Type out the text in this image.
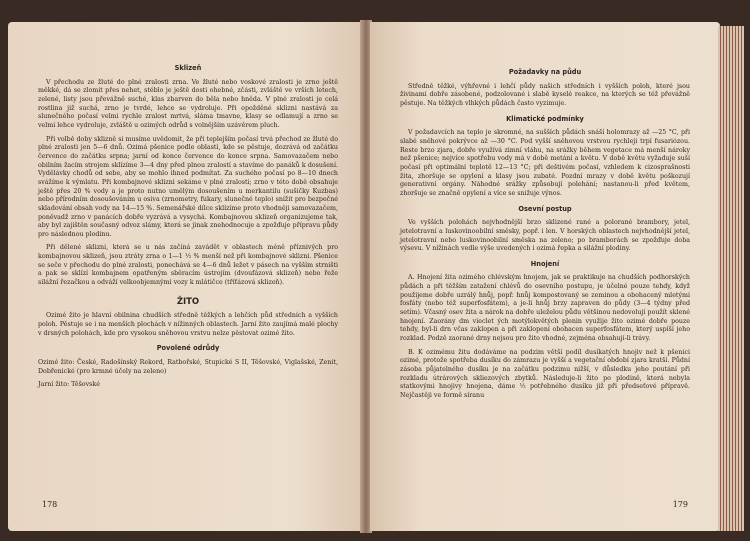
Sklizeň

V přechodu ze žluté do plné zralosti zrna. Ve žluté nebo voskové zralosti je zrno ještě měkké, dá se zlomit přes nehet, stéblo je ještě dosti ohebné, zčásti, zvláště ve vrších letech, zelené, listy jsou převážně suché, klas zbarven do běla nebo hněda. V plné zralosti je celá rostlina již suchá, zrno je tvrdé, lehce se vydroluje. Při opožděné sklizni nastává za slunečného počasí velmi rychle zralost mrtvá, sláma tmavne, klasy se odlamují a zrno se velmi lehce vydroluje, zvláště u ozimých odrůd s volnějším uzávěrem pluch.

Při volbě doby sklizně si musíme uvědomit, že při teplejším počasí trvá přechod ze žluté do plné zralosti jen 5—6 dnů. Ozimá pšenice podle oblastí, kde se pěstuje, dozrává od začátku července do začátku srpna; jarní od konce července do konce srpna. Samovazačem nebo obilním žacím strojem sklízíme 3—4 dny před plnou zralostí a stavíme do panáků k dosušení. Vydělávky chodů od sebe, aby se mohlo ihned podmítat. Za suchého počasí po 8—10 dnech svážíme k výmlatu. Při kombajnové sklizni sekáme v plné zralosti; zrno v této době obsahuje ještě přes 20 % vody a je proto nutno umělým dosoušením u merkantilu (sušičky Kuzbas) nebo přírodním dosoušováním u osiva (zrnometry, fukary, slunečné teplo) snížit pro bezpečné skladování obsah vody na 14—15 %. Semenářské dílce sklízíme proto vhodněji samovazačem, poněvadž zrno v panácích dobře vyzrává a vysychá. Kombajnovou sklizeň organizujeme tak, aby byl zajištěn současný odvoz slámy, která se jinak znehodnocuje a zpožďuje přípravu půdy pro následnou plodinu.

Při dělené sklizni, která se u nás začíná zavádět v oblastech méně příznivých pro kombajnovou sklizeň, jsou ztráty zrna o 1—1 ½ % menší než při kombajnové sklizni. Pšenice se seče v přechodu do plné zralosti, ponechává se 4—6 dnů ležet v pásech na vyšším strništi a pak se sklízí kombajnem opatřeným sběracím ústrojím (dvoufázová sklizeň) nebo řeže silážní řezačkou a odváží velkoobjemnými vozy k mlátičce (tříťázová sklizeň).

ŽITO

Ozimé žito je hlavní obilnina chudších středně těžkých a lehčích půd středních a vyšších poloh. Pěstuje se i na menších plochách v nížinných oblastech. Jarní žito zaujímá malé plochy v drsných polohách, kde pro vysokou sněhovou vrstvu nelze pěstovat ozimé žito.

Povolené odrůdy

Ozimé žito: České, Radošínský Rekord, Ratbořské, Stupické S II, Těšovské, Viglašské, Zenit, Dobřenické (pro krmné účely na zeleno)

Jarní žito: Těšovské

178
Požadavky na půdu

Středně těžké, výhřevné i lehčí půdy našich středních i vyšších poloh, které jsou živinami dobře zásobené, podzolované i slabě kyselé reakce, na kterých se též převážně pěstuje. Na těžkých vlhkých půdách často vyzimuje.

Klimatické podmínky

V požadavcích na teplo je skromné, na sušších půdách snáší holomrazy až —25 °C, při slabé sněhové pokrývce až —30 °C. Pod vyšší sněhovou vrstvou rychleji trpí fusariózou. Reste brzo zjara, dobře využívá zimní vláhu, na srážky během vegetace má menší nároky než pšenice; nejvíce spotřebu vody má v době metání a květu. V době květu vyžaduje suší počasí při optimální teplotě 12—13 °C; při deštivém počasí, vzhledem k cizosprašnosti žita, zhoršuje se opylení a klasy jsou zubaté. Pozdní mrazy v době květu poškozují generativní orgány. Náhodné srážky způsobují polehání; nastanou-li před květem, zhoršuje se značně opylení a více se snižuje výnos.

Osevní postup

Ve vyšších polohách nejvhodnější brzo sklizené rané a polorané brambory, jetel, jetelotravní a luskovinoobilní směsky, popř. i len. V horských oblastech nejvhodnější jetel, jetelotravní nebo luskovinoobilní směska na zeleno; po bramborách se zpožďuje doba výsevu. V nížinách vedle výše uvedených i ozimá řepka a silážní plodiny.

Hnojení

A. Hnojení žita ozimého chlévským hnojem, jak se praktikuje na chudších podhorských půdách a při těžším zatažení chlévů do osevního postupu, je účelné pouze tehdy, když použijeme dobře uzrálý hnůj, popř. hnůj kompostovaný se zeminou a obohacený mletými fosfáty (nebo též superfosfátem), a je-li hnůj brzy zapraven do půdy (3—4 týdny před setím). Včasný osev žita a nárok na dobře uleželou půdu většinou nedovolují použít sklené hnojení. Zaorány dm vieclet ých motýlokvětých plenin využije žito ozimé dobře pouze tehdy, byl-li drn včas zaklopen a při zaklopení obohacen superfosfátem, který uspíší jeho rozklad. Podzě zaorané drny nejsou pro žito vhodné, zejména obsahují-li trávy.

B. K ozimému žitu dodáváme na podzim větší podíl dusíkatých hnojiv než k pšenici ozimé, protože spotřeba dusíku do zámrazu je vyšší a vegetační období zjara kratší. Půdní zásoba půjatelného dusíku je na začátku podzimu nižší, v důsledku jeho poutání při rozkladu útrárových skliezových zbytků. Následuje-li žito po plodině, která nebyla statkovými hnojivy hnojena, dáme ½ potřebného dusíku již při předseťové přípravě. Nejčastěji ve formě síranu

179
